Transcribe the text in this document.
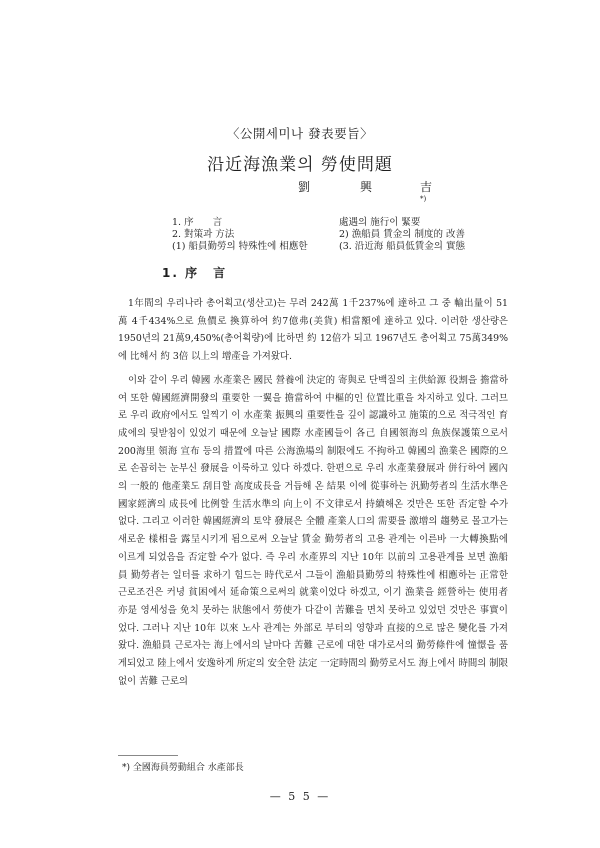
〈公開세미나 發表要旨〉
沿近海漁業의 勞使問題
劉	興	吉*)
1. 序　　言
2. 對策과 方法
(1) 船員勤勞의 特殊性에 相應한
處遇의 施行이 緊要
2) 漁船員 賃金의 制度的 改善
(3. 沿近海 船員低賃金의 實態
1. 序　言

1年間의 우리나라 총어획고(생산고)는 무려 242萬 1千237%에 達하고 그 중 輸出量이 51萬 4千434%으로 魚價로 換算하여 約7億弗(美貨) 相當額에 達하고 있다. 이러한 생산량은 1950년의 21萬9,450%(총어획량)에 比하면 約 12倍가 되고 1967년도 총어획고 75萬349%에 比해서 約 3倍 以上의 增產을 가져왔다.

이와 같이 우리 韓國 水產業은 國民 營養에 決定的 寄與로 단백질의 主供給源 役割을 擔當하여 또한 韓國經濟開發의 重要한 一翼을 擔當하여 中樞的인 位置比重을 차지하고 있다. 그러므로 우리 政府에서도 일찍기 이 水產業 振興의 重要性을 깊이 認識하고 施策的으로 적극적인 育成에의 뒷받침이 있었기 때문에 오늘날 國際 水產國들이 各己 自國領海의 魚族保護策으로서 200海里 領海 宣布 등의 措置에 따른 公海漁場의 制限에도 不拘하고 韓國의 漁業은 國際的으로 손꼽히는 눈부신 發展을 이룩하고 있다 하겠다. 한편으로 우리 水產業發展과 併行하여 國內의 一般的 他產業도 刮目할 高度成長을 거듭해 온 結果 이에 從事하는 汎勤勞者의 生活水準은 國家經濟의 成長에 比例할 生活水準의 向上이 不文律로서 持續해온 것만은 또한 否定할 수가 없다. 그리고 이러한 韓國經濟의 토약 發展은 全體 產業人口의 需要를 激增의 趨勢로 몰고가는 새로운 樣相을 露呈시키게 됨으로써 오늘날 賃金 勤勞者의 고용 관계는 이른바 一大轉換點에 이르게 되었음을 否定할 수가 없다. 즉 우리 水產界의 지난 10年 以前의 고용관계를 보면 漁船員 勤勞者는 일터를 求하기 힘드는 時代로서 그들이 漁船員勤勞의 特殊性에 相應하는 正常한 근로조건은 커녕 貧困에서 延命策으로써의 就業이었다 하겠고, 이기 漁業을 經營하는 使用者 亦是 영세성을 免치 못하는 狀態에서 勞使가 다같이 苦難을 면치 못하고 있었던 것만은 事實이었다. 그러나 지난 10年 以來 노사 관계는 外部로 부터의 영향과 直接的으로 많은 變化를 가져왔다. 漁船員 근로자는 海上에서의 날마다 苦難 근로에 대한 대가로서의 勤勞條件에 憧憬을 품게되었고 陸上에서 安逸하게 所定의 安全한 法定 一定時間의 勤勞로서도 海上에서 時間의 制限없이 苦難 근로의

*) 全國海員勞動組合 水產部長
— 5 5 —
